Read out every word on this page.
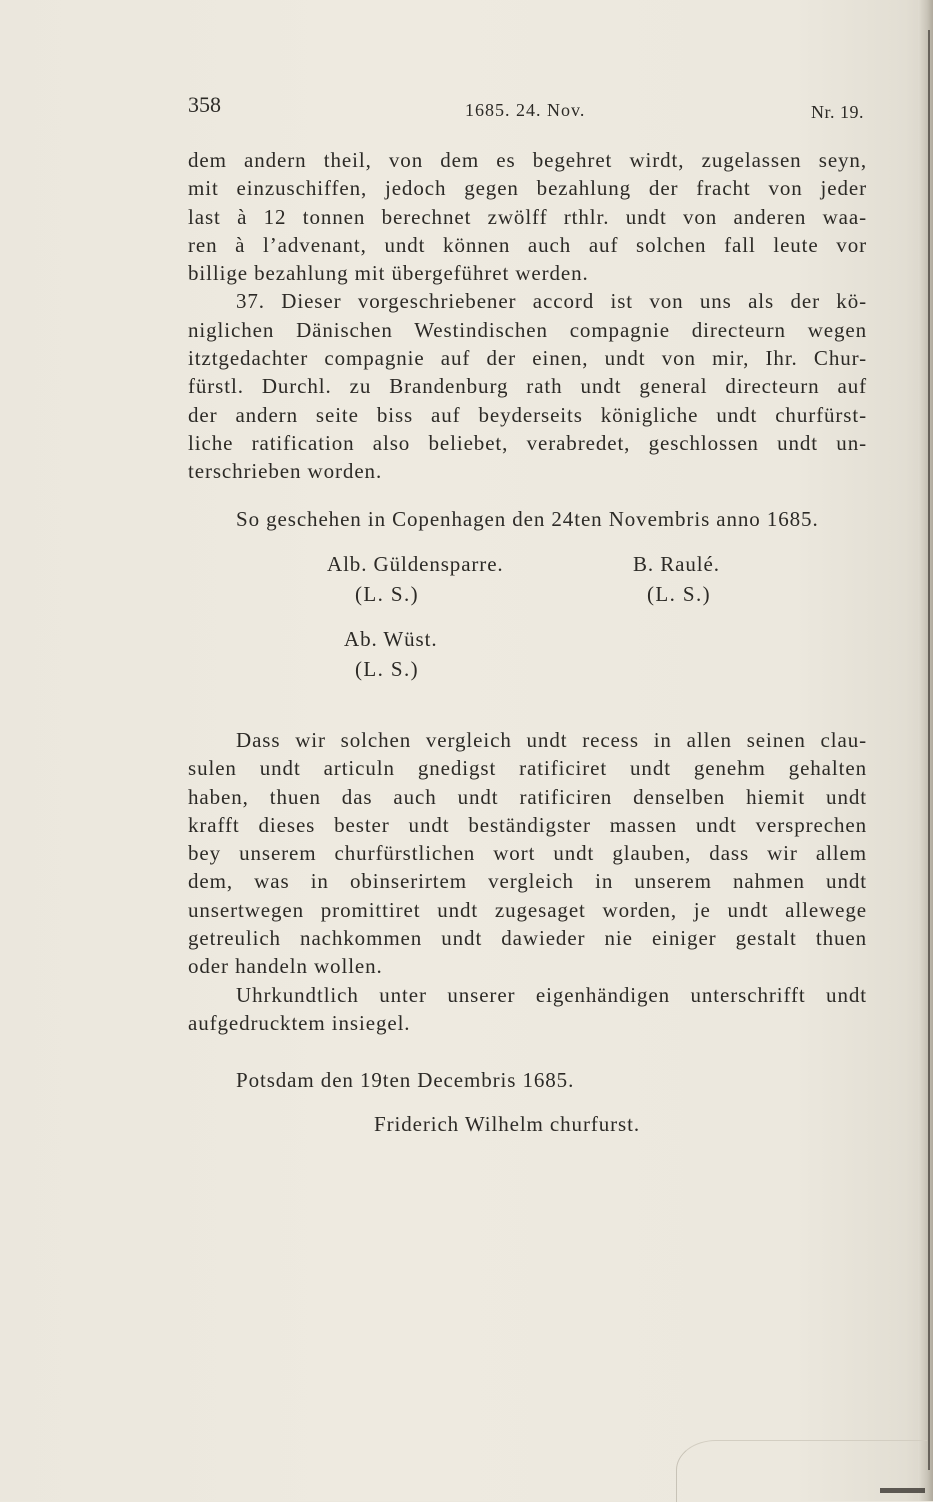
358	1685. 24. Nov.	Nr. 19.
dem andern theil, von dem es begehret wirdt, zugelassen seyn,
mit einzuschiffen, jedoch gegen bezahlung der fracht von jeder
last à 12 tonnen berechnet zwölff rthlr. undt von anderen waa-
ren à l’advenant, undt können auch auf solchen fall leute vor
billige bezahlung mit übergeführet werden.
37. Dieser vorgeschriebener accord ist von uns als der kö-
niglichen Dänischen Westindischen compagnie directeurn wegen
itztgedachter compagnie auf der einen, undt von mir, Ihr. Chur-
fürstl. Durchl. zu Brandenburg rath undt general directeurn auf
der andern seite biss auf beyderseits königliche undt churfürst-
liche ratification also beliebet, verabredet, geschlossen undt un-
terschrieben worden.
So geschehen in Copenhagen den 24ten Novembris anno 1685.
Alb. Güldensparre.
(L. S.)
B. Raulé.
(L. S.)
Ab. Wüst.
(L. S.)
Dass wir solchen vergleich undt recess in allen seinen clau-
sulen undt articuln gnedigst ratificiret undt genehm gehalten
haben, thuen das auch undt ratificiren denselben hiemit undt
krafft dieses bester undt beständigster massen undt versprechen
bey unserem churfürstlichen wort undt glauben, dass wir allem
dem, was in obinserirtem vergleich in unserem nahmen undt
unsertwegen promittiret undt zugesaget worden, je undt allewege
getreulich nachkommen undt dawieder nie einiger gestalt thuen
oder handeln wollen.
Uhrkundtlich unter unserer eigenhändigen unterschrifft undt
aufgedrucktem insiegel.
Potsdam den 19ten Decembris 1685.
Friderich Wilhelm churfurst.
